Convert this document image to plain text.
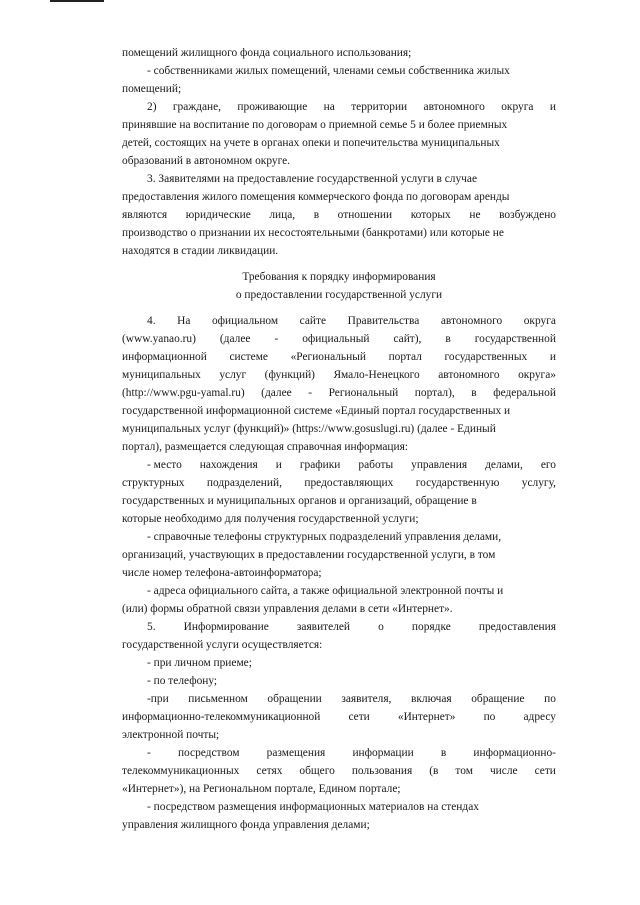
помещений жилищного фонда социального использования;
- собственниками жилых помещений, членами семьи собственника жилых
помещений;
2) граждане, проживающие на территории автономного округа и
принявшие на воспитание по договорам о приемной семье 5 и более приемных
детей, состоящих на учете в органах опеки и попечительства муниципальных
образований в автономном округе.
3. Заявителями на предоставление государственной услуги в случае
предоставления жилого помещения коммерческого фонда по договорам аренды
являются юридические лица, в отношении которых не возбуждено
производство о признании их несостоятельными (банкротами) или которые не
находятся в стадии ликвидации.
Требования к порядку информирования
о предоставлении государственной услуги
4. На официальном сайте Правительства автономного округа
(www.yanao.ru) (далее - официальный сайт), в государственной
информационной системе «Региональный портал государственных и
муниципальных услуг (функций) Ямало-Ненецкого автономного округа»
(http://www.pgu-yamal.ru) (далее - Региональный портал), в федеральной
государственной информационной системе «Единый портал государственных и
муниципальных услуг (функций)» (https://www.gosuslugi.ru) (далее - Единый
портал), размещается следующая справочная информация:
- место нахождения и графики работы управления делами, его
структурных подразделений, предоставляющих государственную услугу,
государственных и муниципальных органов и организаций, обращение в
которые необходимо для получения государственной услуги;
- справочные телефоны структурных подразделений управления делами,
организаций, участвующих в предоставлении государственной услуги, в том
числе номер телефона-автоинформатора;
- адреса официального сайта, а также официальной электронной почты и
(или) формы обратной связи управления делами в сети «Интернет».
5. Информирование заявителей о порядке предоставления
государственной услуги осуществляется:
- при личном приеме;
- по телефону;
-при письменном обращении заявителя, включая обращение по
информационно-телекоммуникационной сети «Интернет» по адресу
электронной почты;
- посредством размещения информации в информационно-
телекоммуникационных сетях общего пользования (в том числе сети
«Интернет»), на Региональном портале, Едином портале;
- посредством размещения информационных материалов на стендах
управления жилищного фонда управления делами;
